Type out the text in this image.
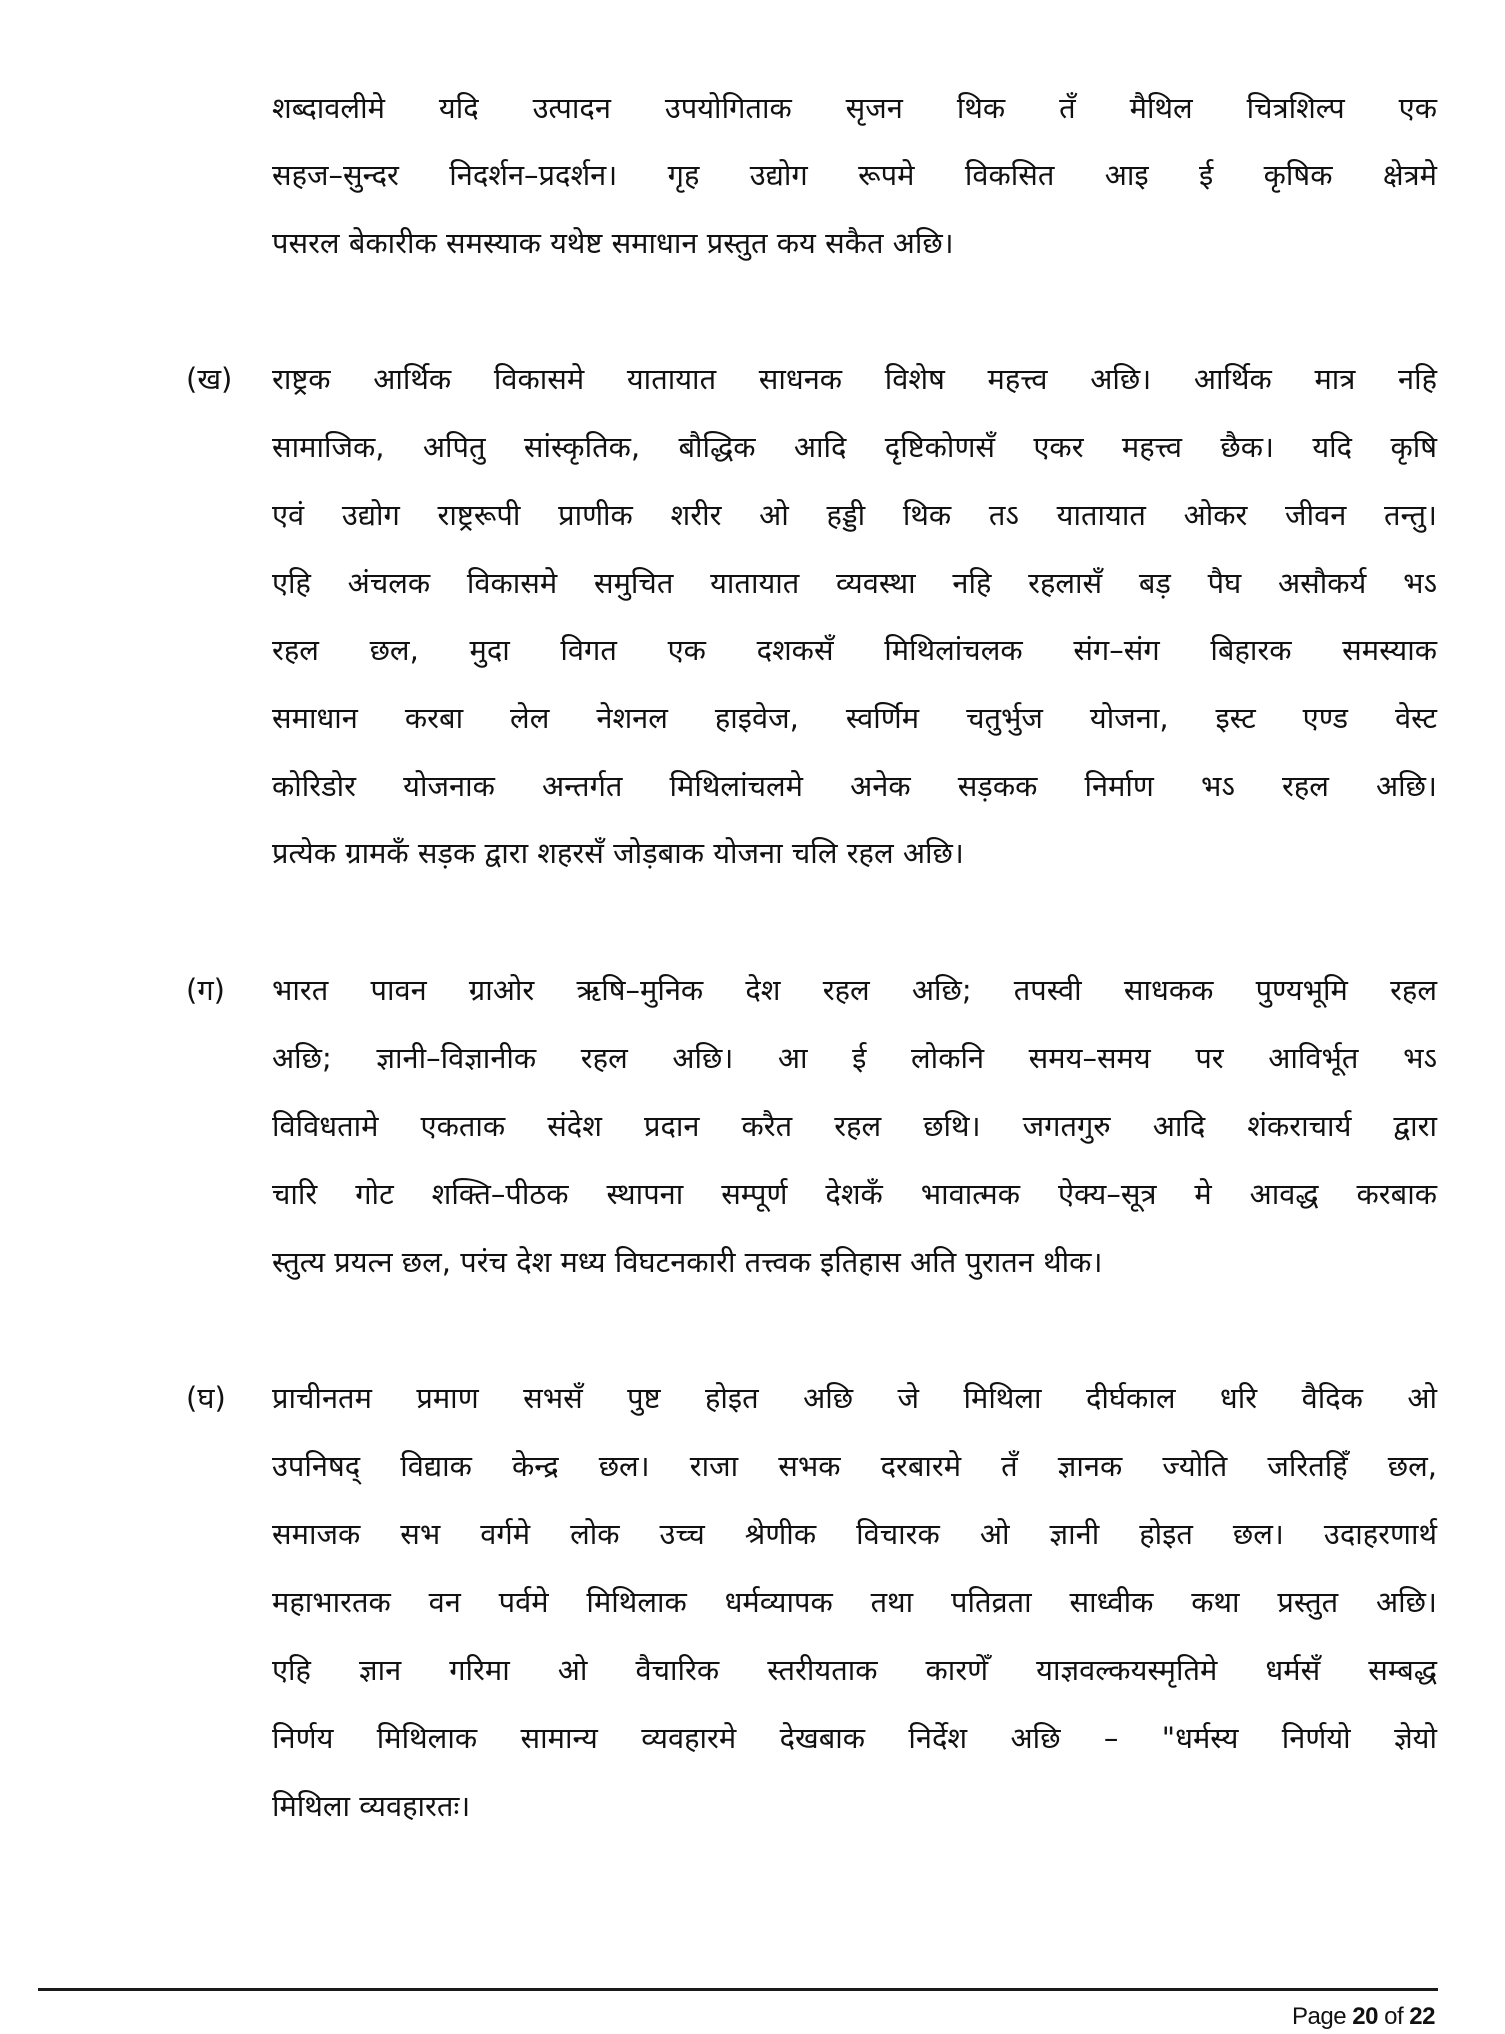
शब्दावलीमे यदि उत्पादन उपयोगिताक सृजन थिक तँ मैथिल चित्रशिल्प एक
सहज–सुन्दर निदर्शन–प्रदर्शन। गृह उद्योग रूपमे विकसित आइ ई कृषिक क्षेत्रमे
पसरल बेकारीक समस्याक यथेष्ट समाधान प्रस्तुत कय सकैत अछि।
(ख) राष्ट्रक आर्थिक विकासमे यातायात साधनक विशेष महत्त्व अछि। आर्थिक मात्र नहि
सामाजिक, अपितु सांस्कृतिक, बौद्धिक आदि दृष्टिकोणसँ एकर महत्त्व छैक। यदि कृषि
एवं उद्योग राष्ट्ररूपी प्राणीक शरीर ओ हड्डी थिक तऽ यातायात ओकर जीवन तन्तु।
एहि अंचलक विकासमे समुचित यातायात व्यवस्था नहि रहलासँ बड़ पैघ असौकर्य भऽ
रहल छल, मुदा विगत एक दशकसँ मिथिलांचलक संग–संग बिहारक समस्याक
समाधान करबा लेल नेशनल हाइवेज, स्वर्णिम चतुर्भुज योजना, इस्ट एण्ड वेस्ट
कोरिडोर योजनाक अन्तर्गत मिथिलांचलमे अनेक सड़कक निर्माण भऽ रहल अछि।
प्रत्येक ग्रामकँ सड़क द्वारा शहरसँ जोड़बाक योजना चलि रहल अछि।
(ग) भारत पावन ग्राओर ऋषि–मुनिक देश रहल अछि; तपस्वी साधकक पुण्यभूमि रहल
अछि; ज्ञानी–विज्ञानीक रहल अछि। आ ई लोकनि समय–समय पर आविर्भूत भऽ
विविधतामे एकताक संदेश प्रदान करैत रहल छथि। जगतगुरु आदि शंकराचार्य द्वारा
चारि गोट शक्ति–पीठक स्थापना सम्पूर्ण देशकँ भावात्मक ऐक्य–सूत्र मे आवद्ध करबाक
स्तुत्य प्रयत्न छल, परंच देश मध्य विघटनकारी तत्त्वक इतिहास अति पुरातन थीक।
(घ) प्राचीनतम प्रमाण सभसँ पुष्ट होइत अछि जे मिथिला दीर्घकाल धरि वैदिक ओ
उपनिषद् विद्याक केन्द्र छल। राजा सभक दरबारमे तँ ज्ञानक ज्योति जरितहिँ छल,
समाजक सभ वर्गमे लोक उच्च श्रेणीक विचारक ओ ज्ञानी होइत छल। उदाहरणार्थ
महाभारतक वन पर्वमे मिथिलाक धर्मव्यापक तथा पतिव्रता साध्वीक कथा प्रस्तुत अछि।
एहि ज्ञान गरिमा ओ वैचारिक स्तरीयताक कारणेँ याज्ञवल्कयस्मृतिमे धर्मसँ सम्बद्ध
निर्णय मिथिलाक सामान्य व्यवहारमे देखबाक निर्देश अछि – "धर्मस्य निर्णयो ज्ञेयो
मिथिला व्यवहारतः।
Page 20 of 22
